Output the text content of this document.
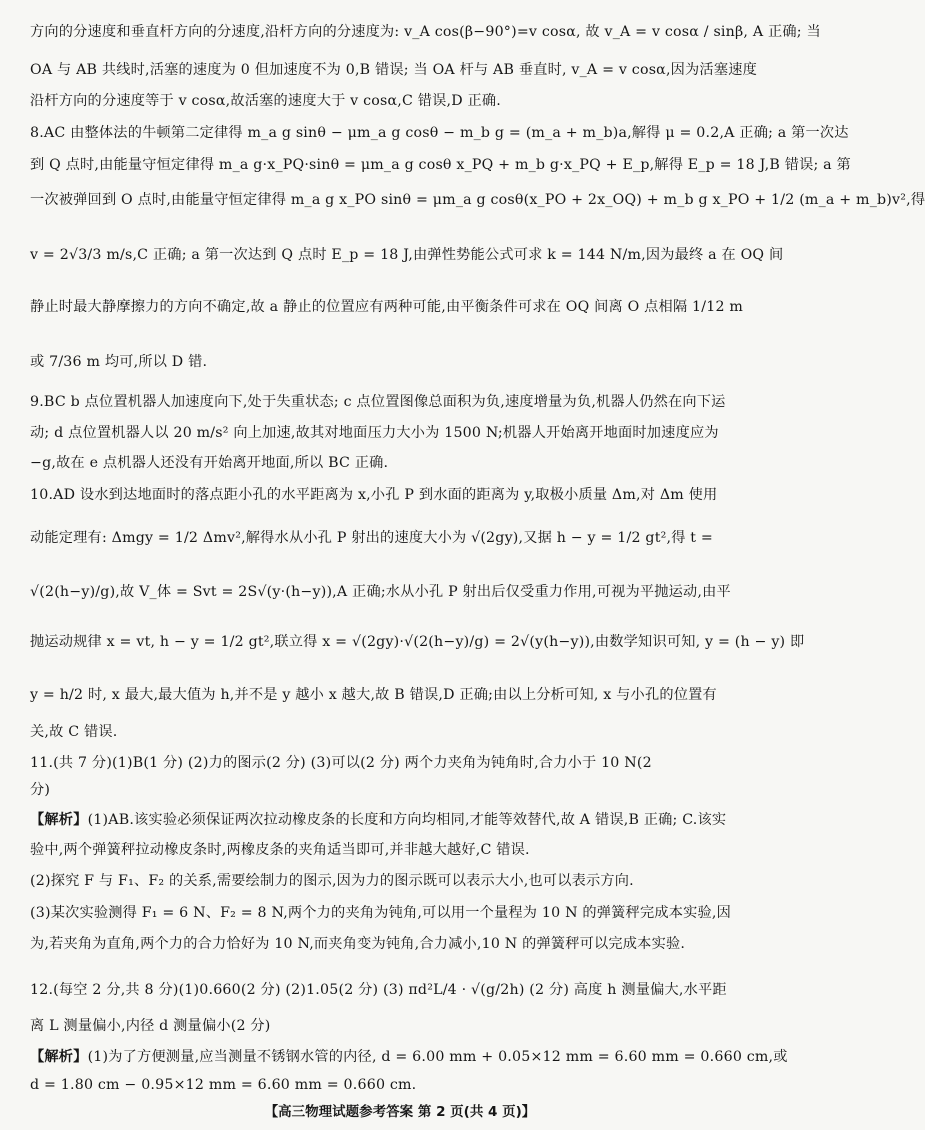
方向的分速度和垂直杆方向的分速度,沿杆方向的分速度为: v_A cos(β−90°)=v cosα, 故 v_A = v cosα / sinβ, A 正确; 当
OA 与 AB 共线时,活塞的速度为 0 但加速度不为 0,B 错误; 当 OA 杆与 AB 垂直时, v_A = v cosα,因为活塞速度
沿杆方向的分速度等于 v cosα,故活塞的速度大于 v cosα,C 错误,D 正确.
8.AC 由整体法的牛顿第二定律得 m_a g sinθ − μm_a g cosθ − m_b g = (m_a + m_b)a,解得 μ = 0.2,A 正确; a 第一次达
到 Q 点时,由能量守恒定律得 m_a g·x_PQ·sinθ = μm_a g cosθ x_PQ + m_b g·x_PQ + E_p,解得 E_p = 18 J,B 错误; a 第
一次被弹回到 O 点时,由能量守恒定律得 m_a g x_PO sinθ = μm_a g cosθ(x_PO + 2x_OQ) + m_b g x_PO + 1/2 (m_a + m_b)v²,得
v = 2√3/3 m/s,C 正确; a 第一次达到 Q 点时 E_p = 18 J,由弹性势能公式可求 k = 144 N/m,因为最终 a 在 OQ 间
静止时最大静摩擦力的方向不确定,故 a 静止的位置应有两种可能,由平衡条件可求在 OQ 间离 O 点相隔 1/12 m
或 7/36 m 均可,所以 D 错.
9.BC b 点位置机器人加速度向下,处于失重状态; c 点位置图像总面积为负,速度增量为负,机器人仍然在向下运
动; d 点位置机器人以 20 m/s² 向上加速,故其对地面压力大小为 1500 N;机器人开始离开地面时加速度应为
−g,故在 e 点机器人还没有开始离开地面,所以 BC 正确.
10.AD 设水到达地面时的落点距小孔的水平距离为 x,小孔 P 到水面的距离为 y,取极小质量 Δm,对 Δm 使用
动能定理有: Δmgy = 1/2 Δmv²,解得水从小孔 P 射出的速度大小为 √(2gy),又据 h − y = 1/2 gt²,得 t =
√(2(h−y)/g),故 V_体 = Svt = 2S√(y·(h−y)),A 正确;水从小孔 P 射出后仅受重力作用,可视为平抛运动,由平
抛运动规律 x = vt, h − y = 1/2 gt²,联立得 x = √(2gy)·√(2(h−y)/g) = 2√(y(h−y)),由数学知识可知, y = (h − y) 即
y = h/2 时, x 最大,最大值为 h,并不是 y 越小 x 越大,故 B 错误,D 正确;由以上分析可知, x 与小孔的位置有
关,故 C 错误.
11.(共 7 分)(1)B(1 分) (2)力的图示(2 分) (3)可以(2 分) 两个力夹角为钝角时,合力小于 10 N(2
分)
【解析】(1)AB.该实验必须保证两次拉动橡皮条的长度和方向均相同,才能等效替代,故 A 错误,B 正确; C.该实
验中,两个弹簧秤拉动橡皮条时,两橡皮条的夹角适当即可,并非越大越好,C 错误.
(2)探究 F 与 F₁、F₂ 的关系,需要绘制力的图示,因为力的图示既可以表示大小,也可以表示方向.
(3)某次实验测得 F₁ = 6 N、F₂ = 8 N,两个力的夹角为钝角,可以用一个量程为 10 N 的弹簧秤完成本实验,因
为,若夹角为直角,两个力的合力恰好为 10 N,而夹角变为钝角,合力减小,10 N 的弹簧秤可以完成本实验.
12.(每空 2 分,共 8 分)(1)0.660(2 分) (2)1.05(2 分) (3) πd²L/4 · √(g/2h) (2 分) 高度 h 测量偏大,水平距
离 L 测量偏小,内径 d 测量偏小(2 分)
【解析】(1)为了方便测量,应当测量不锈钢水管的内径, d = 6.00 mm + 0.05×12 mm = 6.60 mm = 0.660 cm,或
d = 1.80 cm − 0.95×12 mm = 6.60 mm = 0.660 cm.
【高三物理试题参考答案 第 2 页(共 4 页)】
